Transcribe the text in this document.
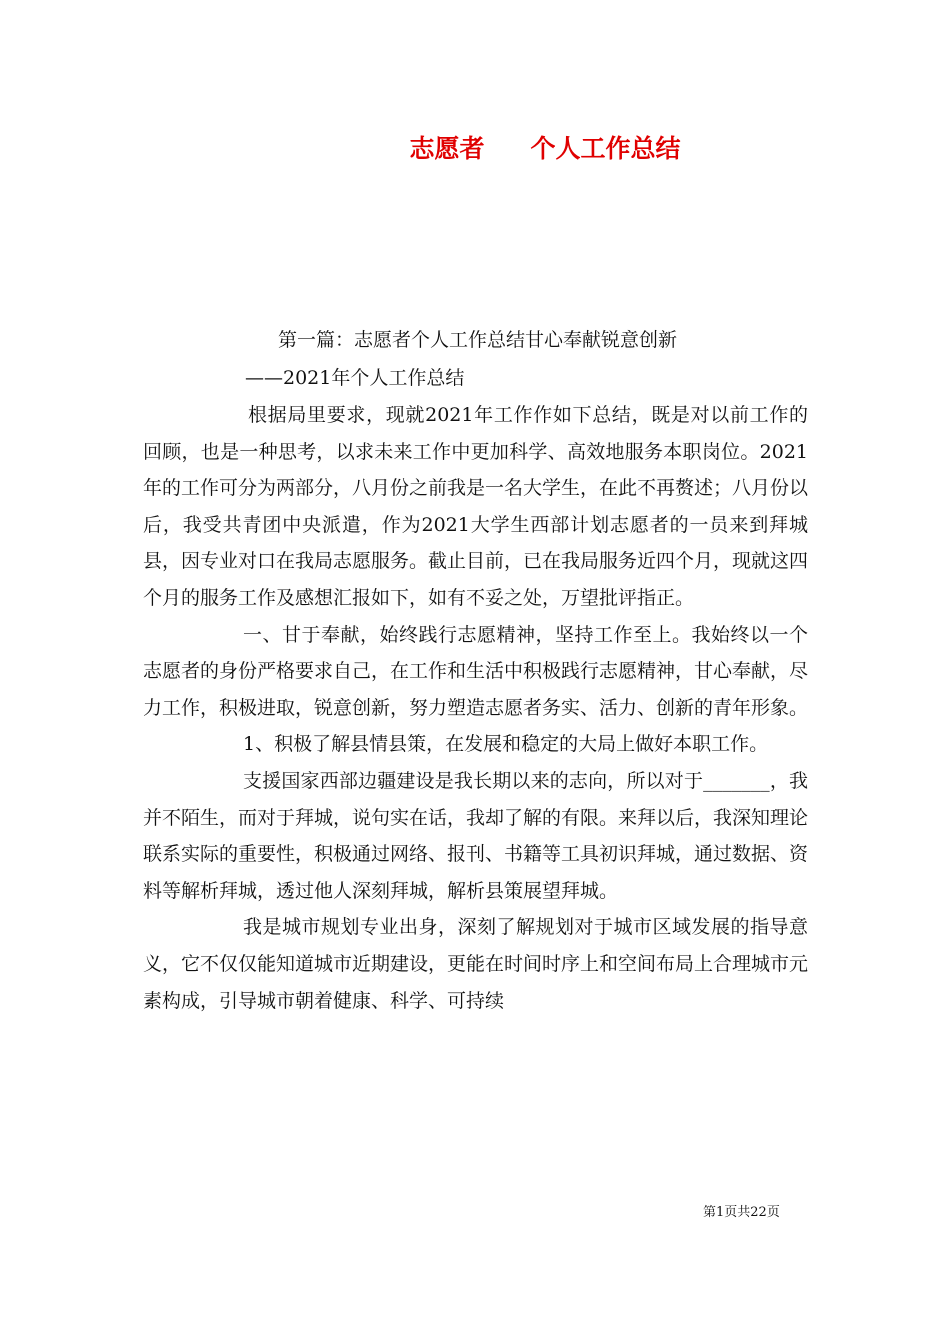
志愿者 个人工作总结
第一篇：志愿者个人工作总结甘心奉献锐意创新
——2021年个人工作总结

根据局里要求，现就2021年工作作如下总结，既是对以前工作的回顾，也是一种思考，以求未来工作中更加科学、高效地服务本职岗位。2021年的工作可分为两部分，八月份之前我是一名大学生，在此不再赘述；八月份以后，我受共青团中央派遣，作为2021大学生西部计划志愿者的一员来到拜城县，因专业对口在我局志愿服务。截止目前，已在我局服务近四个月，现就这四个月的服务工作及感想汇报如下，如有不妥之处，万望批评指正。

一、甘于奉献，始终践行志愿精神，坚持工作至上。我始终以一个志愿者的身份严格要求自己，在工作和生活中积极践行志愿精神，甘心奉献，尽力工作，积极进取，锐意创新，努力塑造志愿者务实、活力、创新的青年形象。

1、积极了解县情县策，在发展和稳定的大局上做好本职工作。

支援国家西部边疆建设是我长期以来的志向，所以对于_______，我并不陌生，而对于拜城，说句实在话，我却了解的有限。来拜以后，我深知理论联系实际的重要性，积极通过网络、报刊、书籍等工具初识拜城，通过数据、资料等解析拜城，透过他人深刻拜城，解析县策展望拜城。

我是城市规划专业出身，深刻了解规划对于城市区域发展的指导意义，它不仅仅能知道城市近期建设，更能在时间时序上和空间布局上合理城市元素构成，引导城市朝着健康、科学、可持续

第1页共22页
